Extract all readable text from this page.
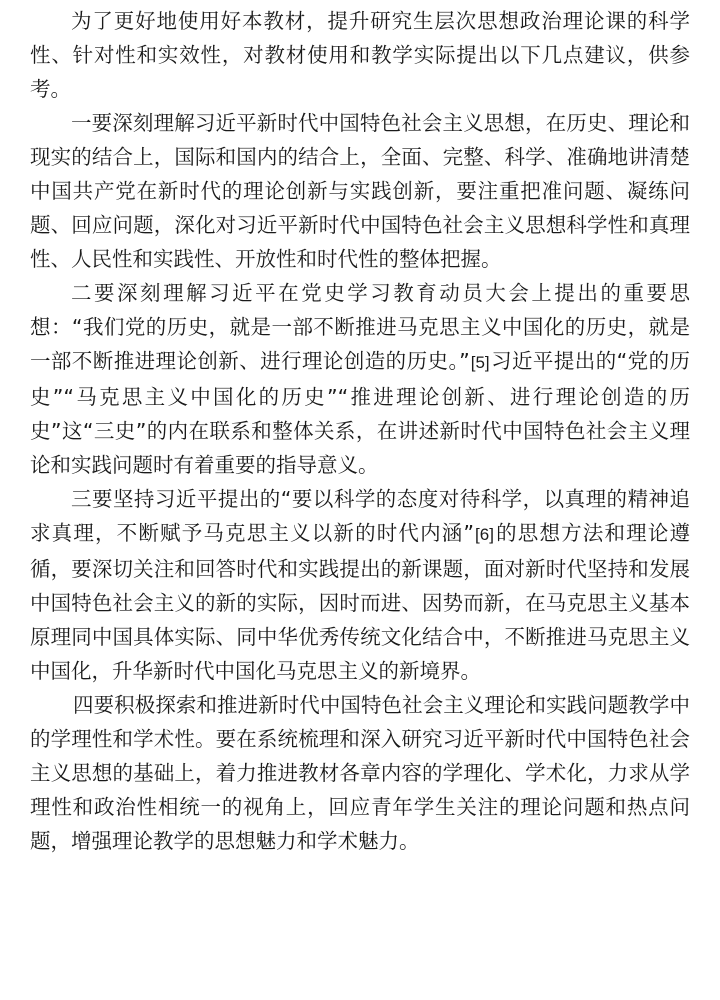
为了更好地使用好本教材，提升研究生层次思想政治理论课的科学性、针对性和实效性，对教材使用和教学实际提出以下几点建议，供参考。

一要深刻理解习近平新时代中国特色社会主义思想，在历史、理论和现实的结合上，国际和国内的结合上，全面、完整、科学、准确地讲清楚中国共产党在新时代的理论创新与实践创新，要注重把准问题、凝练问题、回应问题，深化对习近平新时代中国特色社会主义思想科学性和真理性、人民性和实践性、开放性和时代性的整体把握。

二要深刻理解习近平在党史学习教育动员大会上提出的重要思想：“我们党的历史，就是一部不断推进马克思主义中国化的历史，就是一部不断推进理论创新、进行理论创造的历史。”[5]习近平提出的“党的历史”“马克思主义中国化的历史”“推进理论创新、进行理论创造的历史”这“三史”的内在联系和整体关系，在讲述新时代中国特色社会主义理论和实践问题时有着重要的指导意义。

三要坚持习近平提出的“要以科学的态度对待科学，以真理的精神追求真理，不断赋予马克思主义以新的时代内涵”[6]的思想方法和理论遵循，要深切关注和回答时代和实践提出的新课题，面对新时代坚持和发展中国特色社会主义的新的实际，因时而进、因势而新，在马克思主义基本原理同中国具体实际、同中华优秀传统文化结合中，不断推进马克思主义中国化，升华新时代中国化马克思主义的新境界。

四要积极探索和推进新时代中国特色社会主义理论和实践问题教学中的学理性和学术性。要在系统梳理和深入研究习近平新时代中国特色社会主义思想的基础上，着力推进教材各章内容的学理化、学术化，力求从学理性和政治性相统一的视角上，回应青年学生关注的理论问题和热点问题，增强理论教学的思想魅力和学术魅力。
